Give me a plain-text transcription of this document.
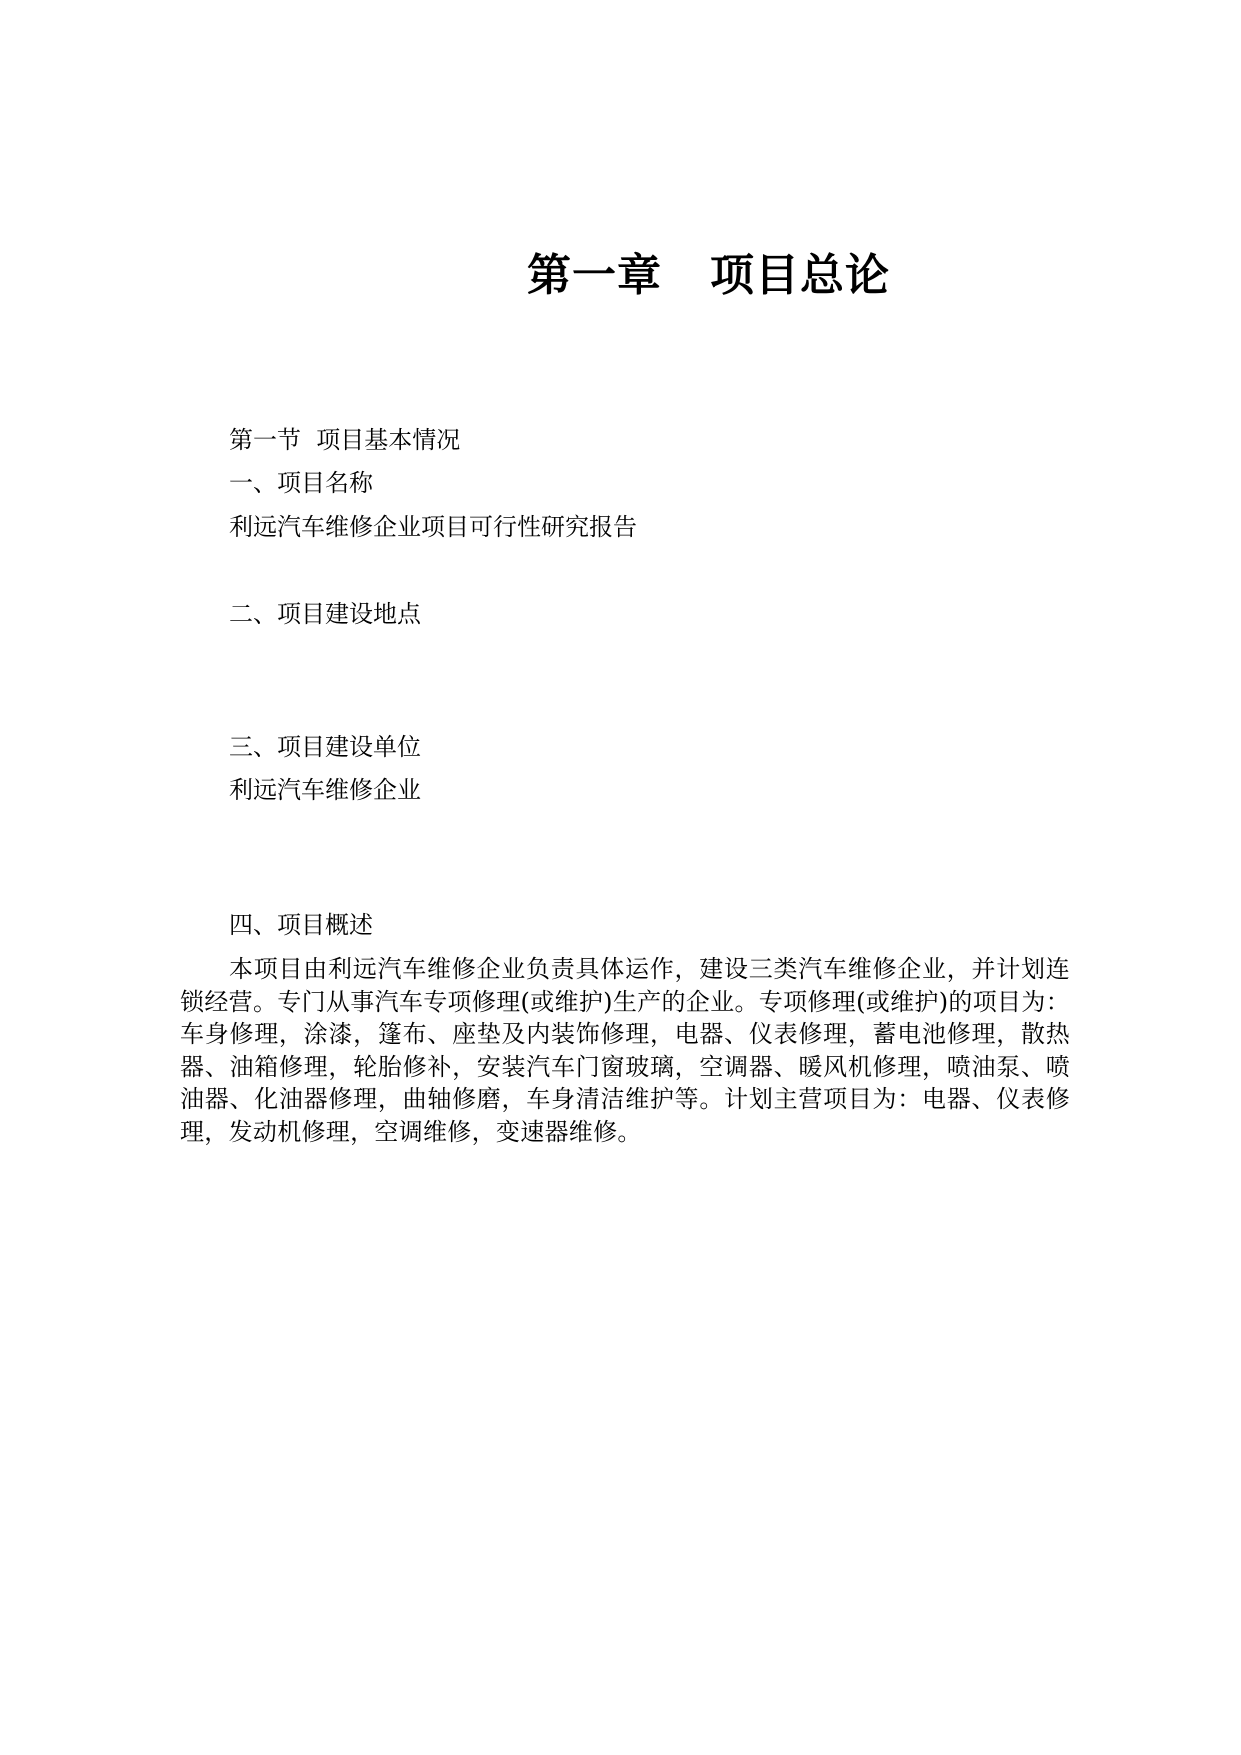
第一章 项目总论
第一节  项目基本情况
一、项目名称
利远汽车维修企业项目可行性研究报告
二、项目建设地点
三、项目建设单位
利远汽车维修企业
四、项目概述
本项目由利远汽车维修企业负责具体运作，建设三类汽车维修企业，并计划连锁经营。专门从事汽车专项修理(或维护)生产的企业。专项修理(或维护)的项目为：车身修理，涂漆，篷布、座垫及内装饰修理，电器、仪表修理，蓄电池修理，散热器、油箱修理，轮胎修补，安装汽车门窗玻璃，空调器、暖风机修理，喷油泵、喷油器、化油器修理，曲轴修磨，车身清洁维护等。计划主营项目为：电器、仪表修理，发动机修理，空调维修，变速器维修。
